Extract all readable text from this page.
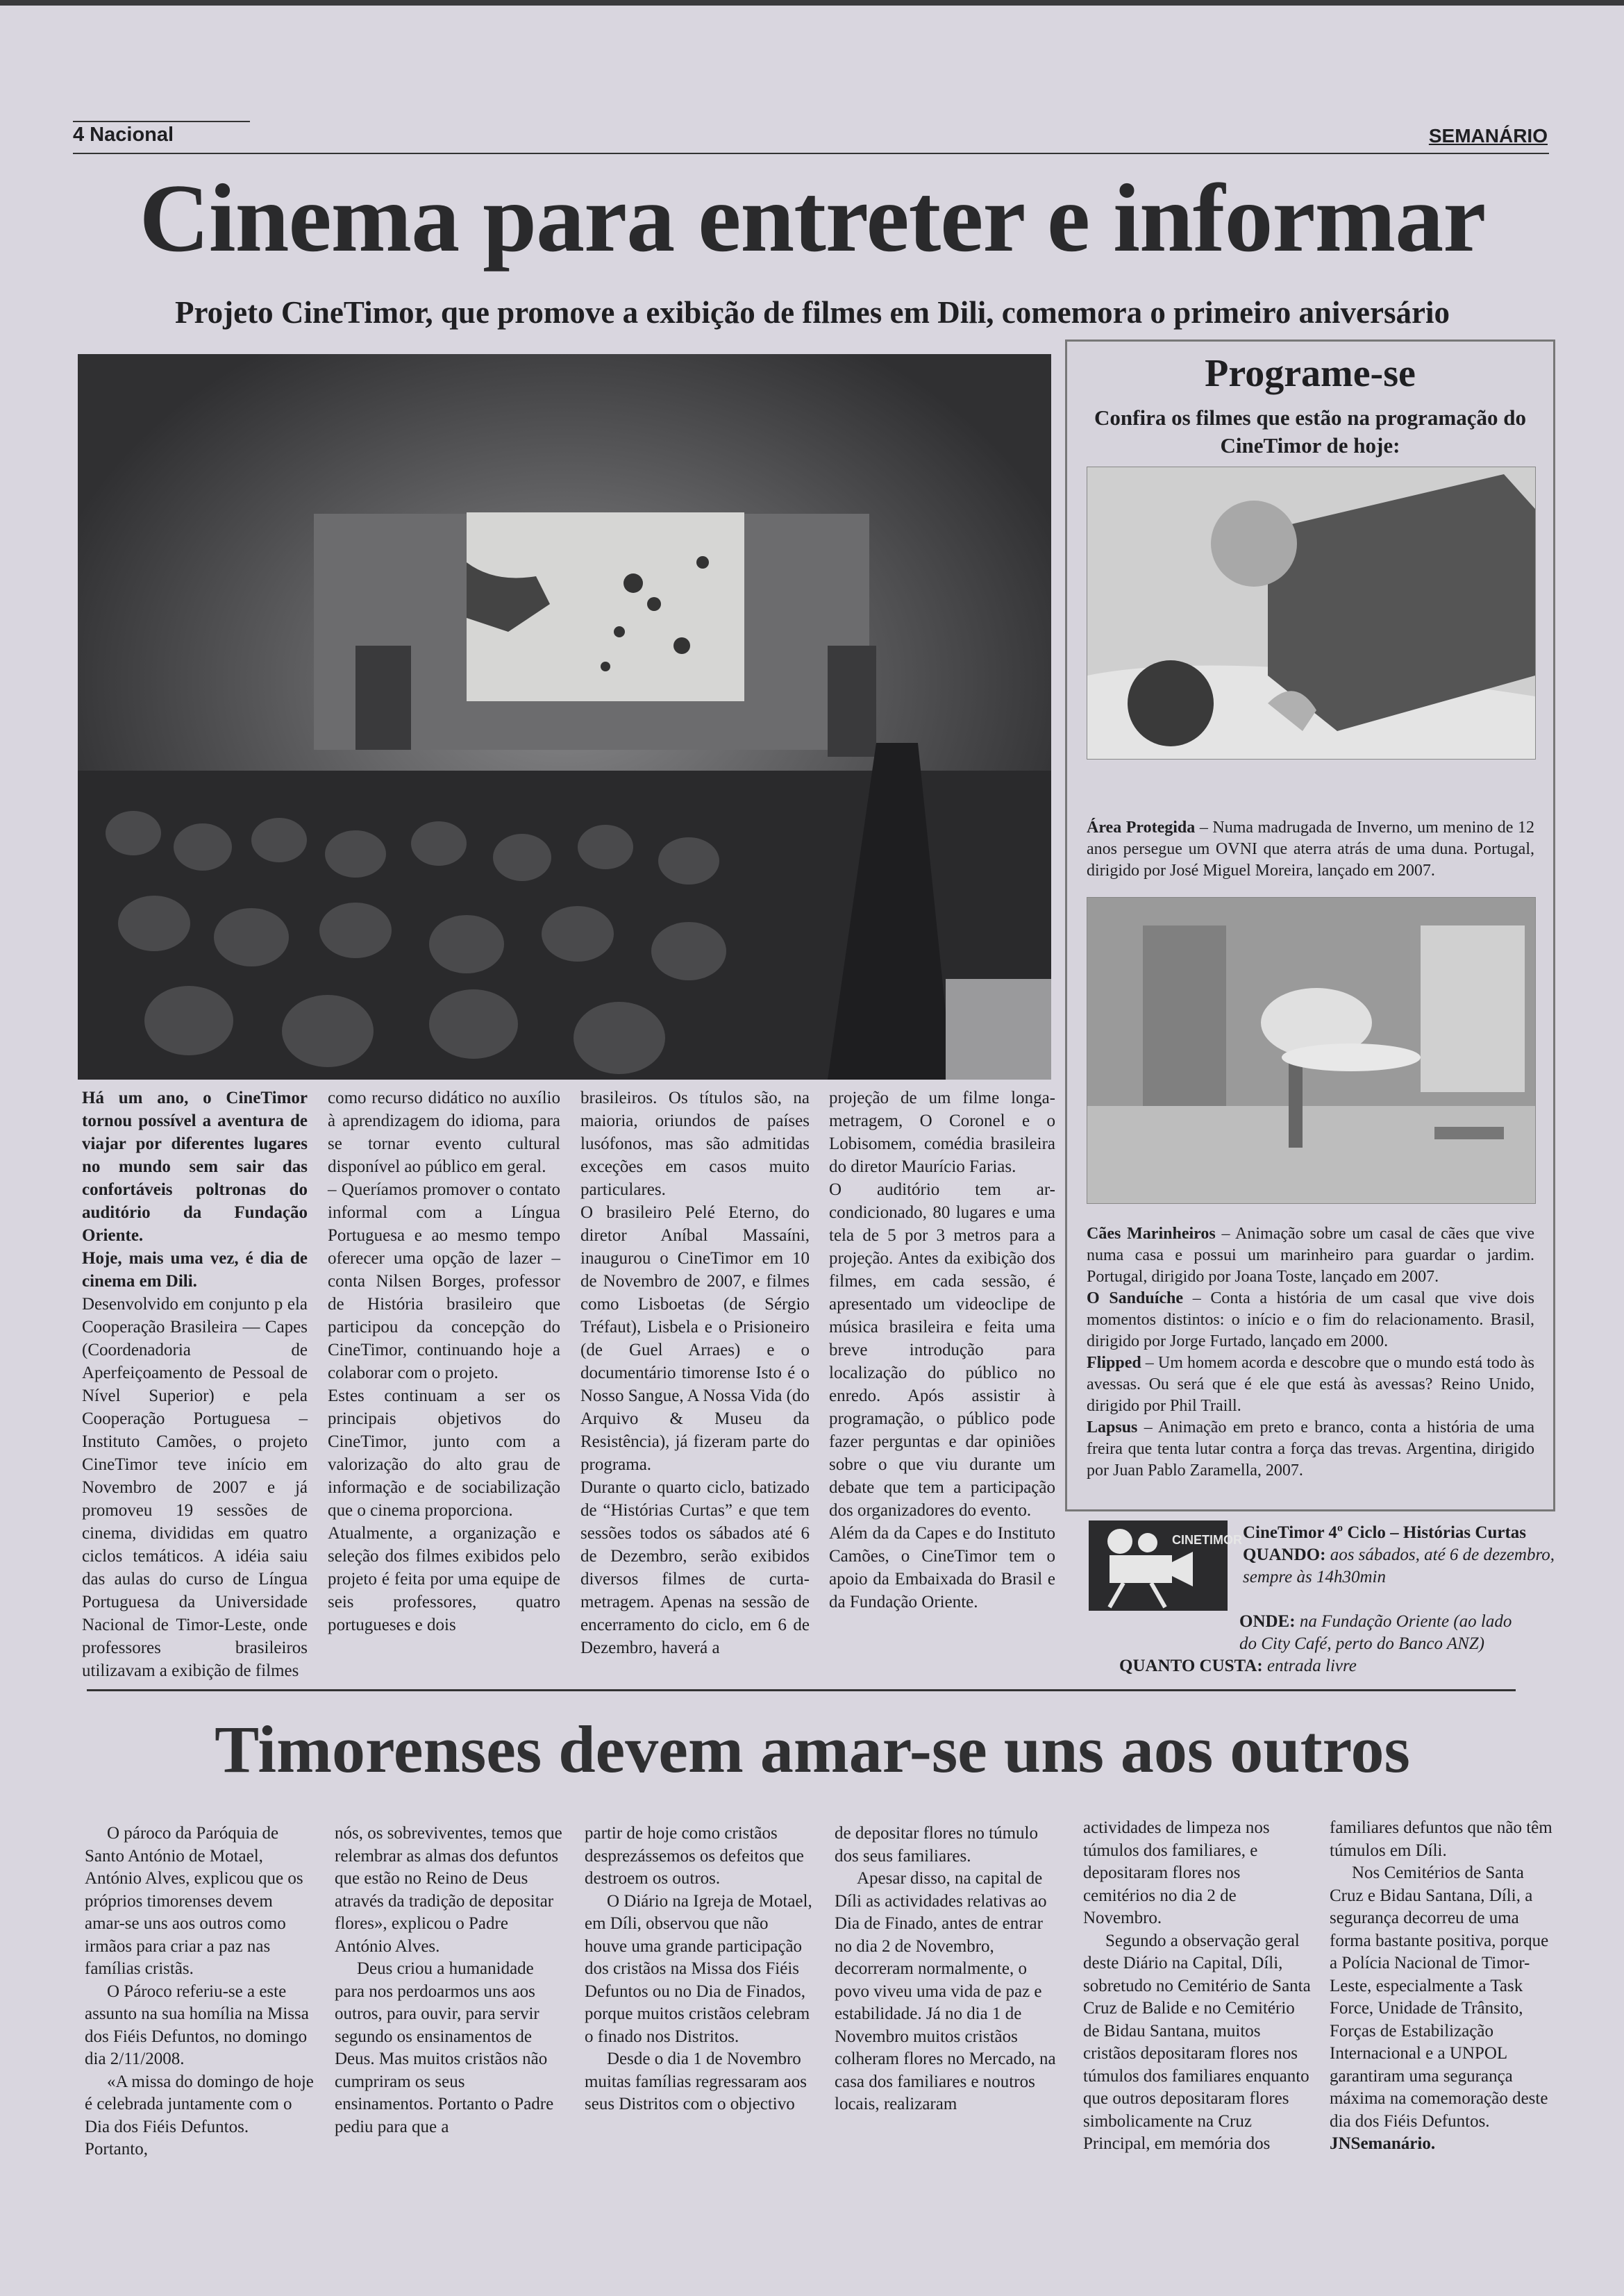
4 Nacional	SEMANÁRIO
Cinema para entreter e informar
Projeto CineTimor, que promove a exibição de filmes em Dili, comemora o primeiro aniversário

Há um ano, o CineTimor tornou possível a aventura de viajar por diferentes lugares no mundo sem sair das confortáveis poltronas do auditório da Fundação Oriente.

Hoje, mais uma vez, é dia de cinema em Dili.

Desenvolvido em conjunto p ela Cooperação Brasileira — Capes (Coordenadoria de Aperfeiçoamento de Pessoal de Nível Superior) e pela Cooperação Portuguesa – Instituto Camões, o projeto CineTimor teve início em Novembro de 2007 e já promoveu 19 sessões de cinema, divididas em quatro ciclos temáticos. A idéia saiu das aulas do curso de Língua Portuguesa da Universidade Nacional de Timor-Leste, onde professores brasileiros utilizavam a exibição de filmes

como recurso didático no auxílio à aprendizagem do idioma, para se tornar evento cultural disponível ao público em geral.

– Queríamos promover o contato informal com a Língua Portuguesa e ao mesmo tempo oferecer uma opção de lazer – conta Nilsen Borges, professor de História brasileiro que participou da concepção do CineTimor, continuando hoje a colaborar com o projeto.

Estes continuam a ser os principais objetivos do CineTimor, junto com a valorização do alto grau de informação e de sociabilização que o cinema proporciona.

Atualmente, a organização e seleção dos filmes exibidos pelo projeto é feita por uma equipe de seis professores, quatro portugueses e dois

brasileiros. Os títulos são, na maioria, oriundos de países lusófonos, mas são admitidas exceções em casos muito particulares.

O brasileiro Pelé Eterno, do diretor Aníbal Massaíni, inaugurou o CineTimor em 10 de Novembro de 2007, e filmes como Lisboetas (de Sérgio Tréfaut), Lisbela e o Prisioneiro (de Guel Arraes) e o documentário timorense Isto é o Nosso Sangue, A Nossa Vida (do Arquivo & Museu da Resistência), já fizeram parte do programa.

Durante o quarto ciclo, batizado de “Histórias Curtas” e que tem sessões todos os sábados até 6 de Dezembro, serão exibidos diversos filmes de curta-metragem. Apenas na sessão de encerramento do ciclo, em 6 de Dezembro, haverá a

projeção de um filme longa-metragem, O Coronel e o Lobisomem, comédia brasileira do diretor Maurício Farias.

O auditório tem ar-condicionado, 80 lugares e uma tela de 5 por 3 metros para a projeção. Antes da exibição dos filmes, em cada sessão, é apresentado um videoclipe de música brasileira e feita uma breve introdução para localização do público no enredo. Após assistir à programação, o público pode fazer perguntas e dar opiniões sobre o que viu durante um debate que tem a participação dos organizadores do evento.

Além da da Capes e do Instituto Camões, o CineTimor tem o apoio da Embaixada do Brasil e da Fundação Oriente.

Programe-se
Confira os filmes que estão na programação do CineTimor de hoje:
Área Protegida – Numa madrugada de Inverno, um menino de 12 anos persegue um OVNI que aterra atrás de uma duna. Portugal, dirigido por José Miguel Moreira, lançado em 2007.
Cães Marinheiros – Animação sobre um casal de cães que vive numa casa e possui um marinheiro para guardar o jardim. Portugal, dirigido por Joana Toste, lançado em 2007.
O Sanduíche – Conta a história de um casal que vive dois momentos distintos: o início e o fim do relacionamento. Brasil, dirigido por Jorge Furtado, lançado em 2000.
Flipped – Um homem acorda e descobre que o mundo está todo às avessas. Ou será que é ele que está às avessas? Reino Unido, dirigido por Phil Traill.
Lapsus – Animação em preto e branco, conta a história de uma freira que tenta lutar contra a força das trevas. Argentina, dirigido por Juan Pablo Zaramella, 2007.
CINETIMOR CineTimor 4º Ciclo – Histórias Curtas
QUANDO: aos sábados, até 6 de dezembro, sempre às 14h30min
ONDE: na Fundação Oriente (ao lado do City Café, perto do Banco ANZ)
QUANTO CUSTA: entrada livre
Timorenses devem amar-se uns aos outros

O pároco da Paróquia de Santo António de Motael, António Alves, explicou que os próprios timorenses devem amar-se uns aos outros como irmãos para criar a paz nas famílias cristãs.

O Pároco referiu-se a este assunto na sua homília na Missa dos Fiéis Defuntos, no domingo dia 2/11/2008.

«A missa do domingo de hoje é celebrada juntamente com o Dia dos Fiéis Defuntos. Portanto,

nós, os sobreviventes, temos que relembrar as almas dos defuntos que estão no Reino de Deus através da tradição de depositar flores», explicou o Padre António Alves.

Deus criou a humanidade para nos perdoarmos uns aos outros, para ouvir, para servir segundo os ensinamentos de Deus. Mas muitos cristãos não cumpriram os seus ensinamentos. Portanto o Padre pediu para que a

partir de hoje como cristãos desprezássemos os defeitos que destroem os outros.

O Diário na Igreja de Motael, em Díli, observou que não houve uma grande participação dos cristãos na Missa dos Fiéis Defuntos ou no Dia de Finados, porque muitos cristãos celebram o finado nos Distritos.

Desde o dia 1 de Novembro muitas famílias regressaram aos seus Distritos com o objectivo

de depositar flores no túmulo dos seus familiares.

Apesar disso, na capital de Díli as actividades relativas ao Dia de Finado, antes de entrar no dia 2 de Novembro, decorreram normalmente, o povo viveu uma vida de paz e estabilidade. Já no dia 1 de Novembro muitos cristãos colheram flores no Mercado, na casa dos familiares e noutros locais, realizaram

actividades de limpeza nos túmulos dos familiares, e depositaram flores nos cemitérios no dia 2 de Novembro.

Segundo a observação geral deste Diário na Capital, Díli, sobretudo no Cemitério de Santa Cruz de Balide e no Cemitério de Bidau Santana, muitos cristãos depositaram flores nos túmulos dos familiares enquanto que outros depositaram flores simbolicamente na Cruz Principal, em memória dos

familiares defuntos que não têm túmulos em Díli.

Nos Cemitérios de Santa Cruz e Bidau Santana, Díli, a segurança decorreu de uma forma bastante positiva, porque a Polícia Nacional de Timor-Leste, especialmente a Task Force, Unidade de Trânsito, Forças de Estabilização Internacional e a UNPOL garantiram uma segurança máxima na comemoração deste dia dos Fiéis Defuntos.

JNSemanário.
